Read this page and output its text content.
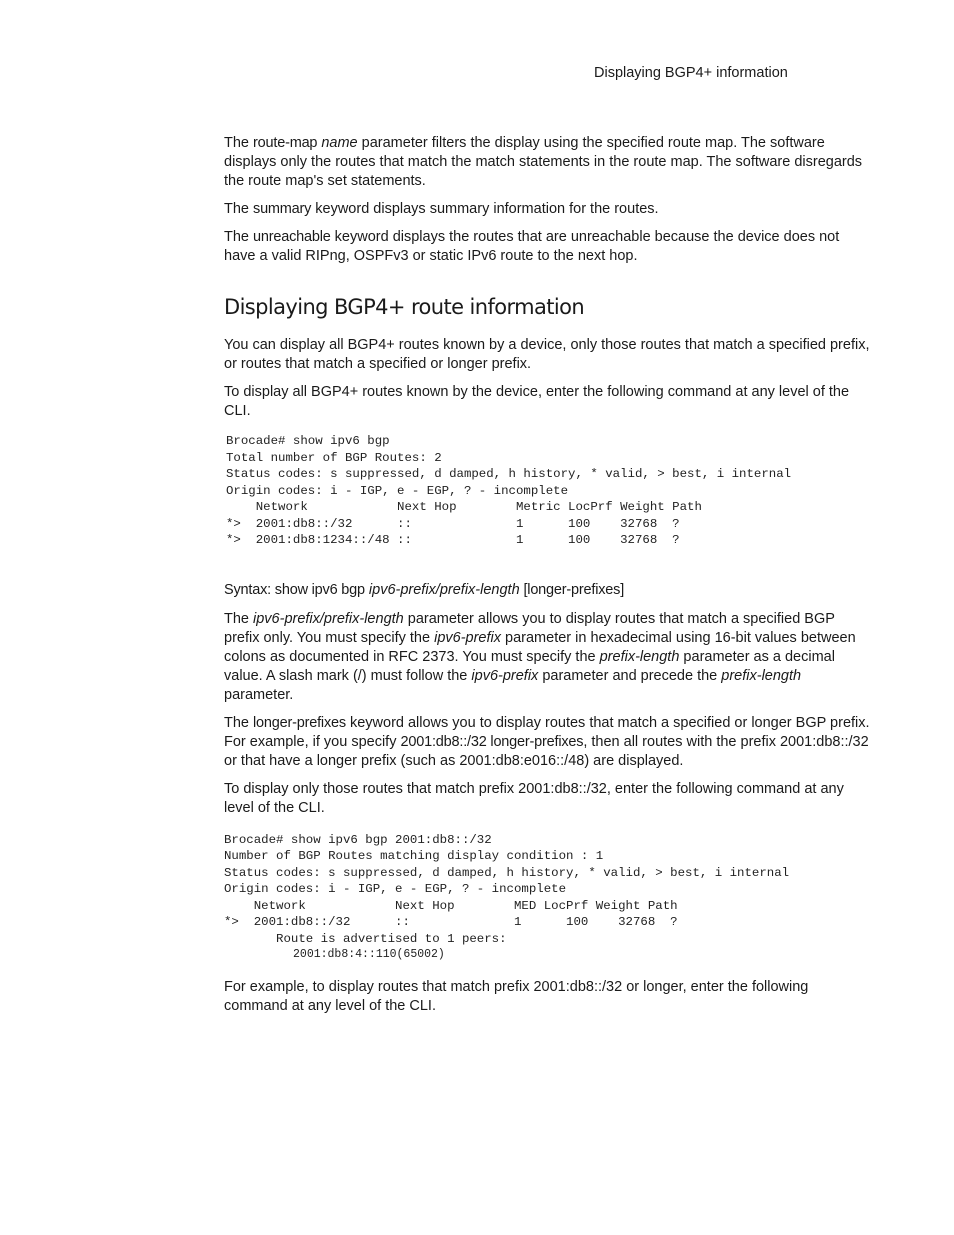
Displaying BGP4+ information

The route-map name parameter filters the display using the specified route map. The software displays only the routes that match the match statements in the route map. The software disregards the route map's set statements.

The summary keyword displays summary information for the routes.

The unreachable keyword displays the routes that are unreachable because the device does not have a valid RIPng, OSPFv3 or static IPv6 route to the next hop.

Displaying BGP4+ route information

You can display all BGP4+ routes known by a device, only those routes that match a specified prefix, or routes that match a specified or longer prefix.

To display all BGP4+ routes known by the device, enter the following command at any level of the CLI.

Brocade# show ipv6 bgp
Total number of BGP Routes: 2
Status codes: s suppressed, d damped, h history, * valid, > best, i internal
Origin codes: i - IGP, e - EGP, ? - incomplete
Network            Next Hop        Metric LocPrf Weight Path
*>  2001:db8::/32      ::              1      100    32768  ?
*>  2001:db8:1234::/48 ::              1      100    32768  ?

Syntax: show ipv6 bgp ipv6-prefix/prefix-length [longer-prefixes]

The ipv6-prefix/prefix-length parameter allows you to display routes that match a specified BGP prefix only. You must specify the ipv6-prefix parameter in hexadecimal using 16-bit values between colons as documented in RFC 2373. You must specify the prefix-length parameter as a decimal value. A slash mark (/) must follow the ipv6-prefix parameter and precede the prefix-length parameter.

The longer-prefixes keyword allows you to display routes that match a specified or longer BGP prefix. For example, if you specify 2001:db8::/32 longer-prefixes, then all routes with the prefix 2001:db8::/32 or that have a longer prefix (such as 2001:db8:e016::/48) are displayed.

To display only those routes that match prefix 2001:db8::/32, enter the following command at any level of the CLI.

Brocade# show ipv6 bgp 2001:db8::/32
Number of BGP Routes matching display condition : 1
Status codes: s suppressed, d damped, h history, * valid, > best, i internal
Origin codes: i - IGP, e - EGP, ? - incomplete
Network            Next Hop        MED LocPrf Weight Path
*>  2001:db8::/32      ::              1      100    32768  ?
Route is advertised to 1 peers:
2001:db8:4::110(65002)

For example, to display routes that match prefix 2001:db8::/32 or longer, enter the following command at any level of the CLI.
